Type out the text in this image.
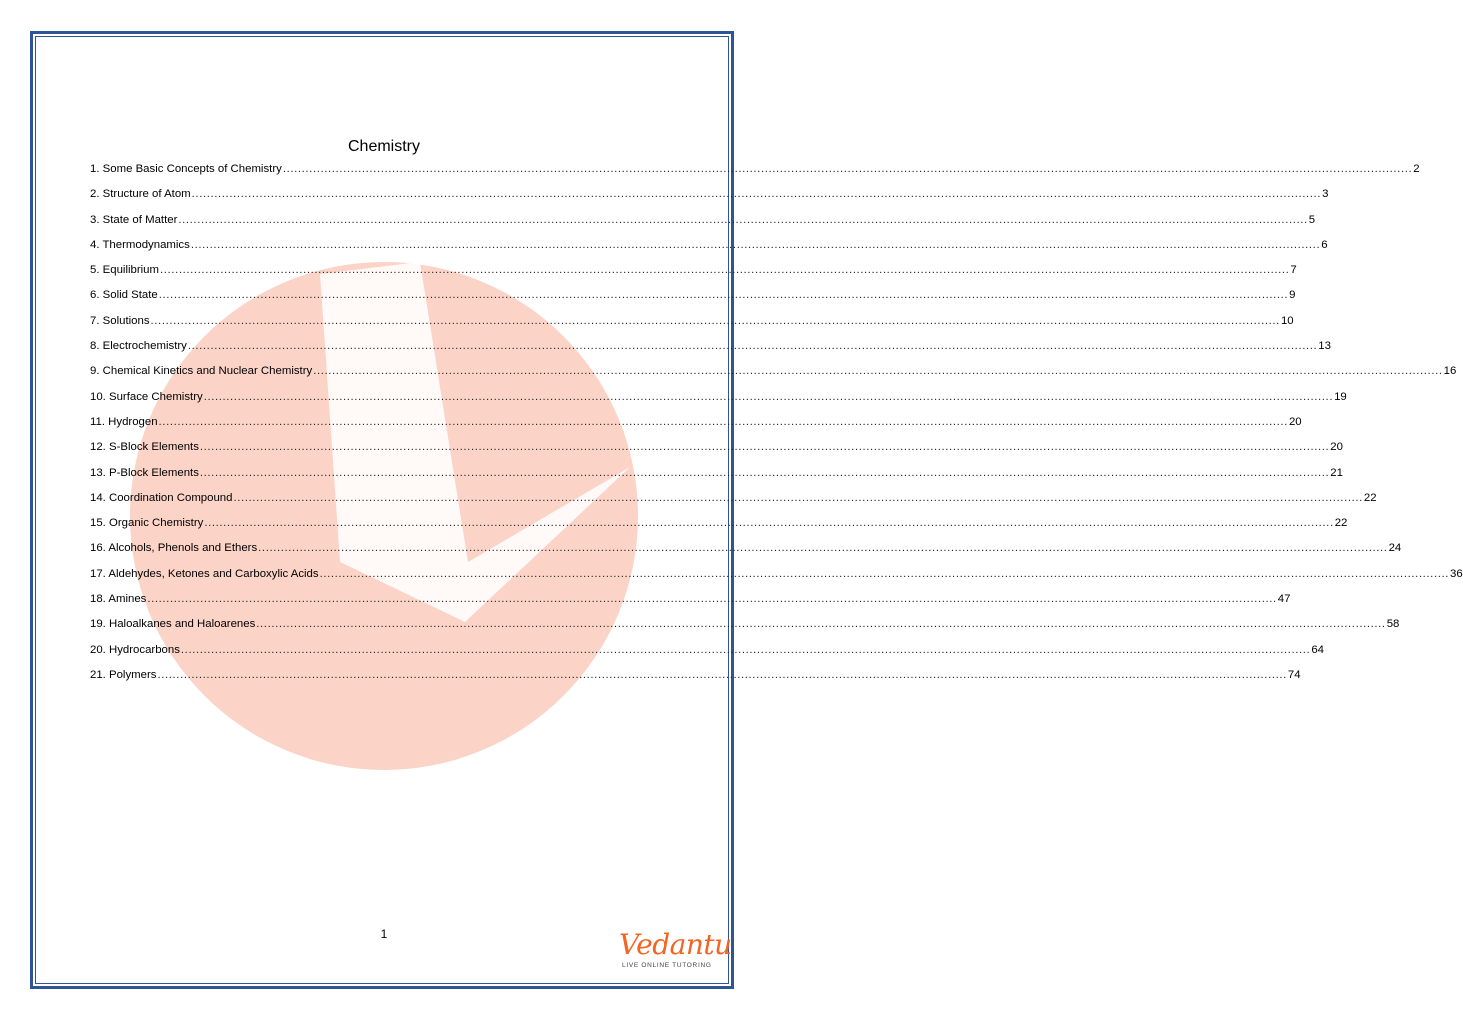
Chemistry
1. Some Basic Concepts of Chemistry ............................................................................................................................................................................................................................................................................................................ 2
2. Structure of Atom ............................................................................................................................................................................................................................................................................................................ 3
3. State of Matter ............................................................................................................................................................................................................................................................................................................ 5
4. Thermodynamics ............................................................................................................................................................................................................................................................................................................ 6
5. Equilibrium ............................................................................................................................................................................................................................................................................................................ 7
6. Solid State ............................................................................................................................................................................................................................................................................................................ 9
7. Solutions ............................................................................................................................................................................................................................................................................................................ 10
8. Electrochemistry ............................................................................................................................................................................................................................................................................................................ 13
9. Chemical Kinetics and Nuclear Chemistry ............................................................................................................................................................................................................................................................................................................ 16
10. Surface Chemistry ............................................................................................................................................................................................................................................................................................................ 19
11. Hydrogen ............................................................................................................................................................................................................................................................................................................ 20
12. S-Block Elements ............................................................................................................................................................................................................................................................................................................ 20
13. P-Block Elements ............................................................................................................................................................................................................................................................................................................ 21
14. Coordination Compound ............................................................................................................................................................................................................................................................................................................ 22
15. Organic Chemistry ............................................................................................................................................................................................................................................................................................................ 22
16. Alcohols, Phenols and Ethers ............................................................................................................................................................................................................................................................................................................ 24
17. Aldehydes, Ketones and Carboxylic Acids ............................................................................................................................................................................................................................................................................................................ 36
18. Amines ............................................................................................................................................................................................................................................................................................................ 47
19. Haloalkanes and Haloarenes ............................................................................................................................................................................................................................................................................................................ 58
20. Hydrocarbons ............................................................................................................................................................................................................................................................................................................ 64
21. Polymers ............................................................................................................................................................................................................................................................................................................ 74
1	Vedantu
LIVE ONLINE TUTORING
